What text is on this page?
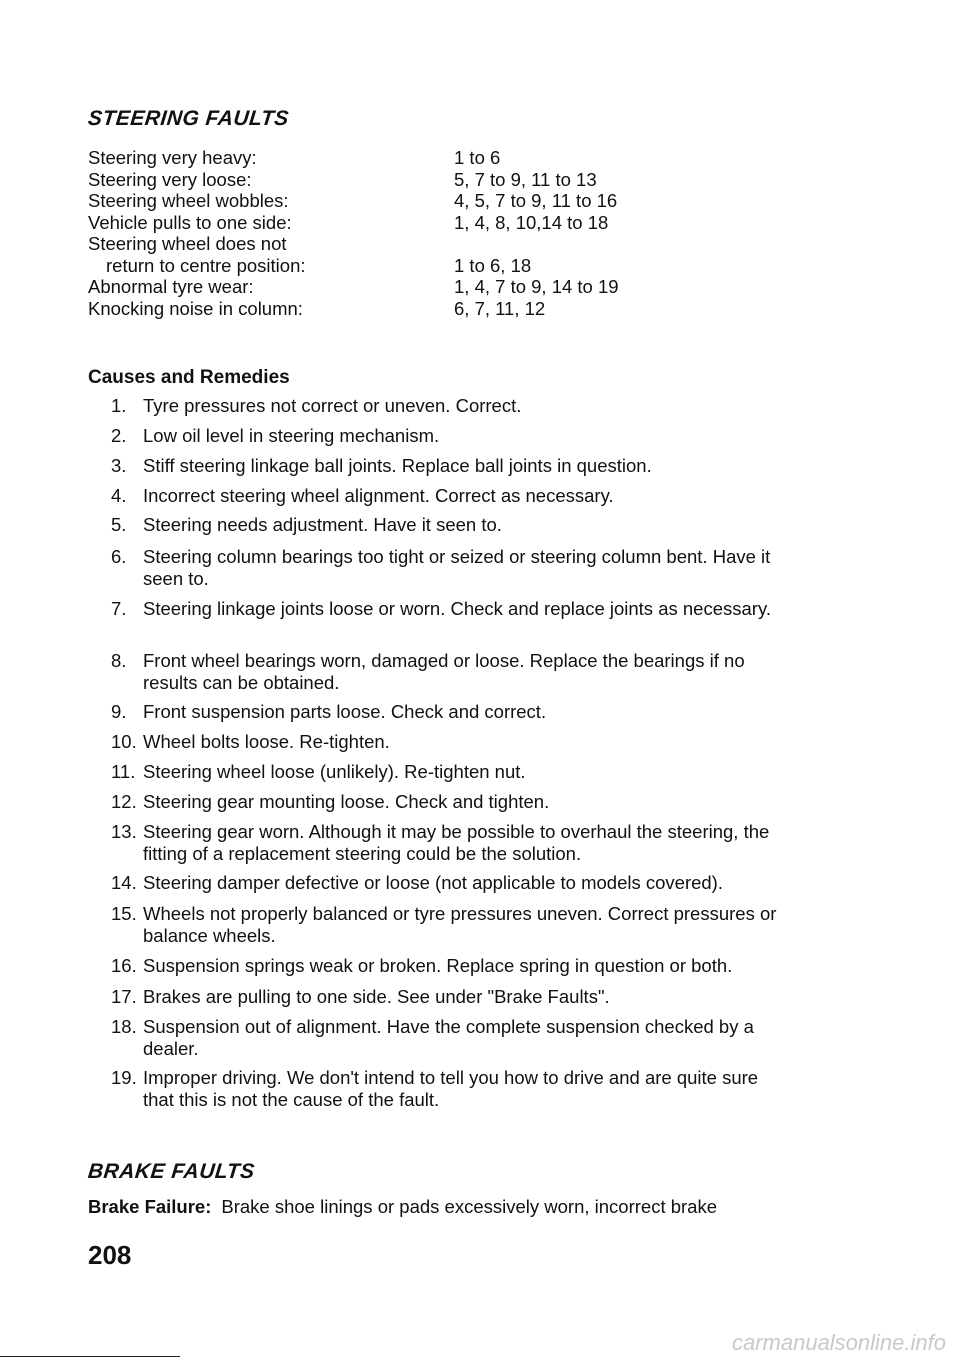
STEERING FAULTS
Steering very heavy:	1 to 6
Steering very loose:	5, 7 to 9, 11 to 13
Steering wheel wobbles:	4, 5, 7 to 9, 11 to 16
Vehicle pulls to one side:	1, 4, 8, 10,14 to 18
Steering wheel does not
return to centre position:	1 to 6, 18
Abnormal tyre wear:	1, 4, 7 to 9, 14 to 19
Knocking noise in column:	6, 7, 11, 12
Causes and Remedies
1. Tyre pressures not correct or uneven. Correct.
2. Low oil level in steering mechanism.
3. Stiff steering linkage ball joints. Replace ball joints in question.
4. Incorrect steering wheel alignment. Correct as necessary.
5. Steering needs adjustment. Have it seen to.
6. Steering column bearings too tight or seized or steering column bent. Have it seen to.
7. Steering linkage joints loose or worn. Check and replace joints as necessary.
8. Front wheel bearings worn, damaged or loose. Replace the bearings if no results can be obtained.
9. Front suspension parts loose. Check and correct.
10. Wheel bolts loose. Re-tighten.
11. Steering wheel loose (unlikely). Re-tighten nut.
12. Steering gear mounting loose. Check and tighten.
13. Steering gear worn. Although it may be possible to overhaul the steering, the fitting of a replacement steering could be the solution.
14. Steering damper defective or loose (not applicable to models covered).
15. Wheels not properly balanced or tyre pressures uneven. Correct pressures or balance wheels.
16. Suspension springs weak or broken. Replace spring in question or both.
17. Brakes are pulling to one side. See under "Brake Faults".
18. Suspension out of alignment. Have the complete suspension checked by a dealer.
19. Improper driving. We don't intend to tell you how to drive and are quite sure that this is not the cause of the fault.
BRAKE FAULTS
Brake Failure: Brake shoe linings or pads excessively worn, incorrect brake
208
carmanualsonline.info
